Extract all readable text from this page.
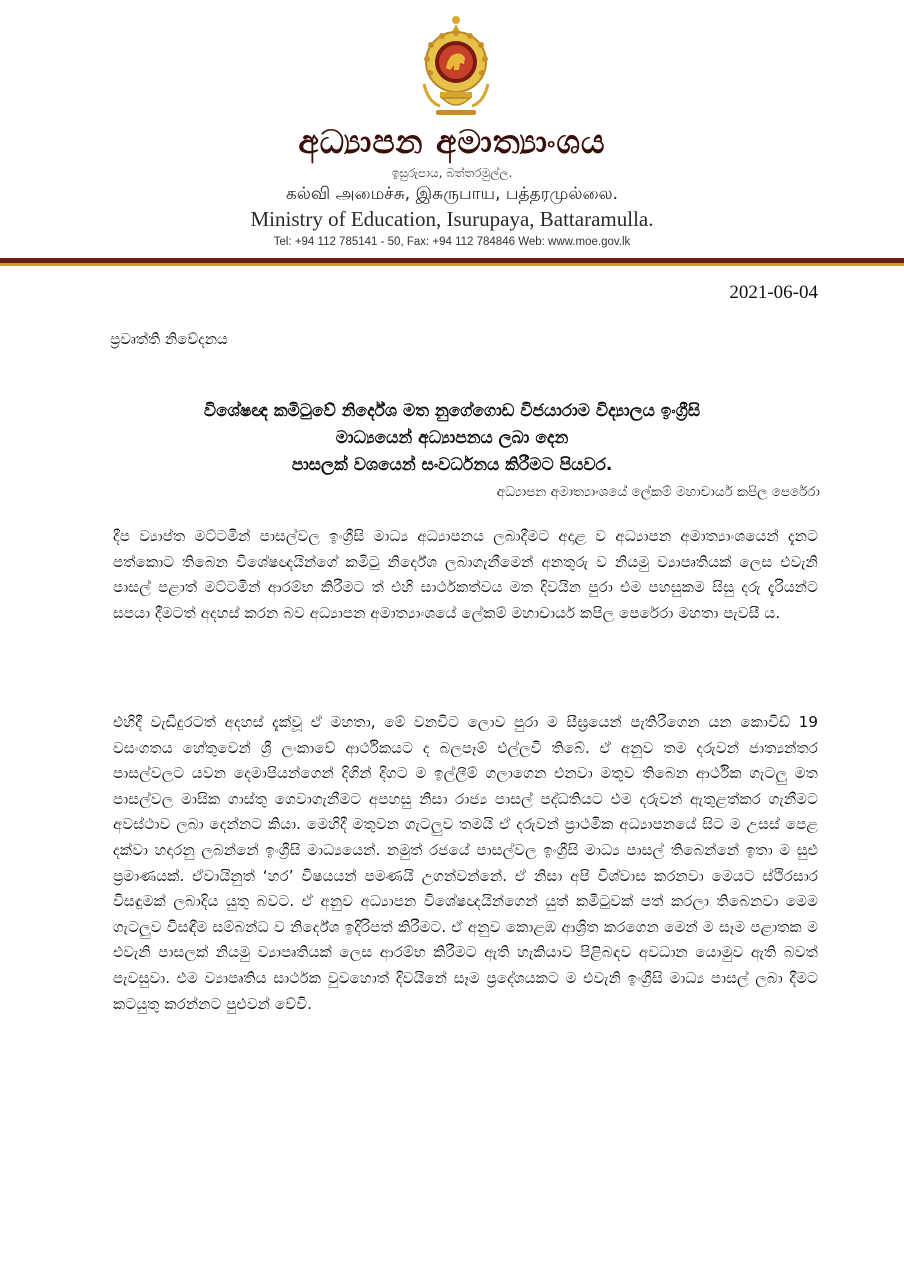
අධ්‍යාපන අමාත්‍යාංශය
ඉසුරුපාය, බත්තරමුල්ල.
கல்வி அமைச்சு, இசுருபாய, பத்தரமுல்லை.
Ministry of Education, Isurupaya, Battaramulla.
Tel: +94 112 785141 - 50, Fax: +94 112 784846 Web: www.moe.gov.lk
2021-06-04
ප්‍රවෘත්ති නිවේදනය
විශේෂඥ කමිටුවේ නිර්දේශ මත නුගේගොඩ විජයාරාම විද්‍යාලය ඉංග්‍රීසි
මාධ්‍යයෙන් අධ්‍යාපනය ලබා දෙන
පාසලක් වශයෙන් සංවර්ධනය කිරීමට පියවර.
අධ්‍යාපන අමාත්‍යාංශයේ ලේකම් මහාචාර්ය කපිල පෙරේරා
දීප ව්‍යාප්ත මට්ටමින් පාසල්වල ඉංග්‍රීසි මාධ්‍ය අධ්‍යාපනය ලබාදීමට අදාළ ව අධ්‍යාපන අමාත්‍යාංශයෙන් දැනට පත්කොට තිබෙන විශේෂඥයින්ගේ කමිටු නිර්දේශ ලබාගැනීමෙන් අනතුරු ව නියමු ව්‍යාපෘතියක් ලෙස එවැනි පාසල් පළාත් මට්ටමින් ආරම්භ කිරීමට ත් එහි සාර්ථකත්වය මත දිවයින පුරා එම පහසුකම සිසු දරු දැරියන්ට සපයා දීමටත් අදහස් කරන බව අධ්‍යාපන අමාත්‍යාංශයේ ලේකම් මහාචාර්ය කපිල පෙරේරා මහතා පැවසී ය.
එහිදී වැඩිදුරටත් අදහස් දැක්වූ ඒ මහතා, මේ වනවිට ලොව පුරා ම සීඝ්‍රයෙන් පැතිරීගෙන යන කොවිඩ් 19 වසංගතය හේතුවෙන් ශ්‍රී ලංකාවේ ආර්ථිකයට ද බලපෑම් එල්ලවී තිබේ. ඒ අනුව තම දරුවන් ජාත්‍යන්තර පාසල්වලට යවන දෙමාපියන්ගෙන් දිගින් දිගට ම ඉල්ලීම් ගලාගෙන එනවා මතුව තිබෙන ආර්ථික ගැටලු මත පාසල්වල මාසික ගාස්තු ගෙවාගැනීමට අපහසු නිසා රාජ්‍ය පාසල් පද්ධතියට එම දරුවන් ඇතුළත්කර ගැනීමට අවස්ථාව ලබා දෙන්නට කියා. මෙහිදී මතුවන ගැටලුව තමයි ඒ දරුවන් ප්‍රාථමික අධ්‍යාපනයේ සිට ම උසස් පෙළ දක්වා හදාරනු ලබන්නේ ඉංග්‍රීසි මාධ්‍යයෙන්. නමුත් රජයේ පාසල්වල ඉංග්‍රීසි මාධ්‍ය පාසල් තිබෙන්නේ ඉතා ම සුළු ප්‍රමාණයක්. ඒවායිනුත් ‘හර’ විෂයයන් පමණයි උගන්වන්නේ. ඒ නිසා අපි විශ්වාස කරනවා මෙයට ස්ථිරසාර විසඳුමක් ලබාදිය යුතු බවට. ඒ අනුව අධ්‍යාපන විශේෂඥයින්ගෙන් යුත් කමිටුවක් පත් කරලා තිබෙනවා මෙම ගැටලුව විසඳීම සම්බන්ධ ව නිර්දේශ ඉදිරිපත් කිරීමට. ඒ අනුව කොළඹ ආශ්‍රිත කරගෙන මෙන් ම සෑම පළාතක ම එවැනි පාසලක් නියමු ව්‍යාපෘතියක් ලෙස ආරම්භ කිරීමට ඇති හැකියාව පිළිබඳව අවධාන යොමුව ඇති බවත් පැවසුවා. එම ව්‍යාපෘතිය සාර්ථක වුවහොත් දිවයිනේ සෑම ප්‍රදේශයකට ම එවැනි ඉංග්‍රීසි මාධ්‍ය පාසල් ලබා දීමට කටයුතු කරන්නට පුළුවන් වේවි.
